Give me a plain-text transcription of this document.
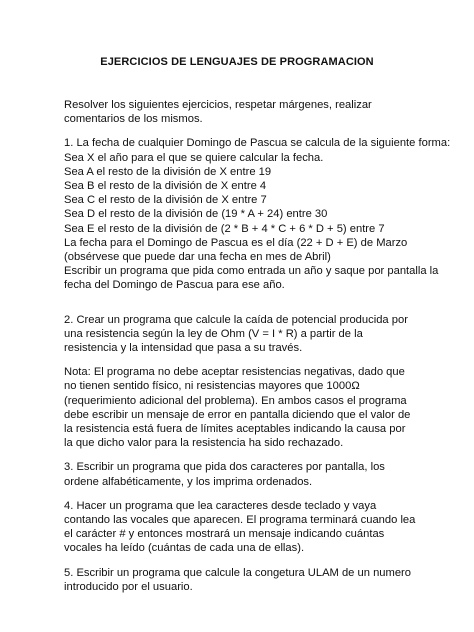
EJERCICIOS DE LENGUAJES DE PROGRAMACION

Resolver los siguientes ejercicios, respetar márgenes, realizar comentarios de los mismos.

1. La fecha de cualquier Domingo de Pascua se calcula de la siguiente forma:
Sea X el año para el que se quiere calcular la fecha.
Sea A el resto de la división de X entre 19
Sea B el resto de la división de X entre 4
Sea C el resto de la división de X entre 7
Sea D el resto de la división de (19 * A + 24) entre 30
Sea E el resto de la división de (2 * B + 4 * C + 6 * D + 5) entre 7
La fecha para el Domingo de Pascua es el día (22 + D + E) de Marzo
(obsérvese que puede dar una fecha en mes de Abril)
Escribir un programa que pida como entrada un año y saque por pantalla la
fecha del Domingo de Pascua para ese año.

2. Crear un programa que calcule la caída de potencial producida por una resistencia según la ley de Ohm (V = I * R) a partir de la resistencia y la intensidad que pasa a su través.

Nota: El programa no debe aceptar resistencias negativas, dado que no tienen sentido físico, ni resistencias mayores que 1000Ω (requerimiento adicional del problema). En ambos casos el programa debe escribir un mensaje de error en pantalla diciendo que el valor de la resistencia está fuera de límites aceptables indicando la causa por la que dicho valor para la resistencia ha sido rechazado.

3. Escribir un programa que pida dos caracteres por pantalla, los ordene alfabéticamente, y los imprima ordenados.

4. Hacer un programa que lea caracteres desde teclado y vaya contando las vocales que aparecen. El programa terminará cuando lea el carácter # y entonces mostrará un mensaje indicando cuántas vocales ha leído (cuántas de cada una de ellas).

5. Escribir un programa que calcule la congetura ULAM de un numero introducido por el usuario.
